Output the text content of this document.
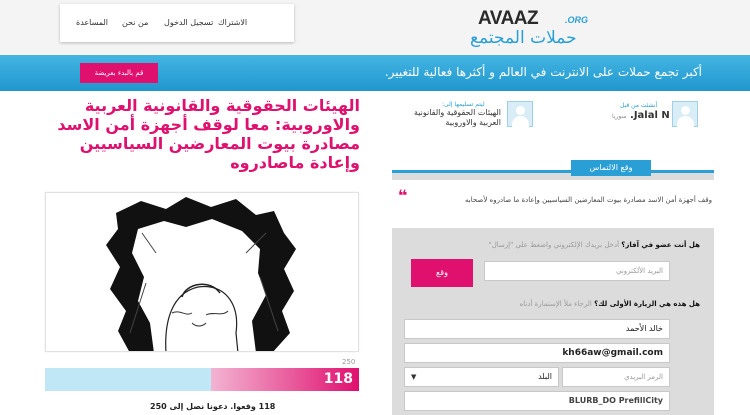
الاشتراك
تسجيل الدخول
من نحن
المساعدة	AVAAZ	.ORG
حملات المجتمع
أكبر تجمع حملات على الانترنت في العالم و أكثرها فعالية للتغيير.
قم بالبدء بعريضة
الهيئات الحقوقية والقانونية العربية والاوروبية: معا لوقف أجهزة أمن الاسد مصادرة بيوت المعارضين السياسيين وإعادة ماصادروه
250
118
118 وقعوا. دعونا نصل إلى 250
أنشئت من قبل
Jalal N. سوريا
ليتم تسليمها إلى:
الهيئات الحقوقية والقانونية العربية والاوروبية
وقع الالتماس
❝	وقف أجهزة أمن الاسد مصادرة بيوت المعارضين السياسيين وإعادة ما صادروه لأصحابه
هل أنت عضو في آفاز؟ أدخل بريدك الإلكتروني واضغط على "إرسال"
البريد الألكتروني
وقع
هل هذه هي الزيارة الأولى لك؟ الرجاء ملأ الإستمارة أدناه
خالد الأحمد
kh66aw@gmail.com
الرمز البريدي
البلد
▼
BLURB_DO PrefillCity
